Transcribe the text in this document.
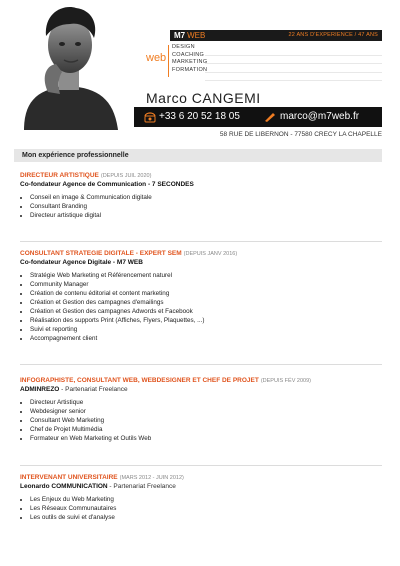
M7 WEB	22 ANS D'EXPERIENCE / 47 ANS
web
DESIGN
COACHING
MARKETING
FORMATION
Marco CANGEMI
+33 6 20 52 18 05	marco@m7web.fr
58 RUE DE LIBERNON - 77580 CRECY LA CHAPELLE
Mon expérience professionnelle
DIRECTEUR ARTISTIQUE (DEPUIS JUIL 2020)
Co-fondateur Agence de Communication - 7 SECONDES
• Conseil en image & Communication digitale
• Consultant Branding
• Directeur artistique digital
CONSULTANT STRATEGIE DIGITALE - EXPERT SEM (DEPUIS JANV 2016)
Co-fondateur Agence Digitale - M7 WEB
• Stratégie Web Marketing et Référencement naturel
• Community Manager
• Création de contenu éditorial et content marketing
• Création et Gestion des campagnes d'emailings
• Création et Gestion des campagnes Adwords et Facebook
• Réalisation des supports Print (Affiches, Flyers, Plaquettes, ...)
• Suivi et reporting
• Accompagnement client
INFOGRAPHISTE, CONSULTANT WEB, WEBDESIGNER ET CHEF DE PROJET (DEPUIS FÉV 2009)
ADMINREZO - Partenariat Freelance
• Directeur Artistique
• Webdesigner senior
• Consultant Web Marketing
• Chef de Projet Multimédia
• Formateur en Web Marketing et Outils Web
INTERVENANT UNIVERSITAIRE (MARS 2012 - JUIN 2012)
Leonardo COMMUNICATION - Partenariat Freelance
• Les Enjeux du Web Marketing
• Les Réseaux Communautaires
• Les outils de suivi et d'analyse
